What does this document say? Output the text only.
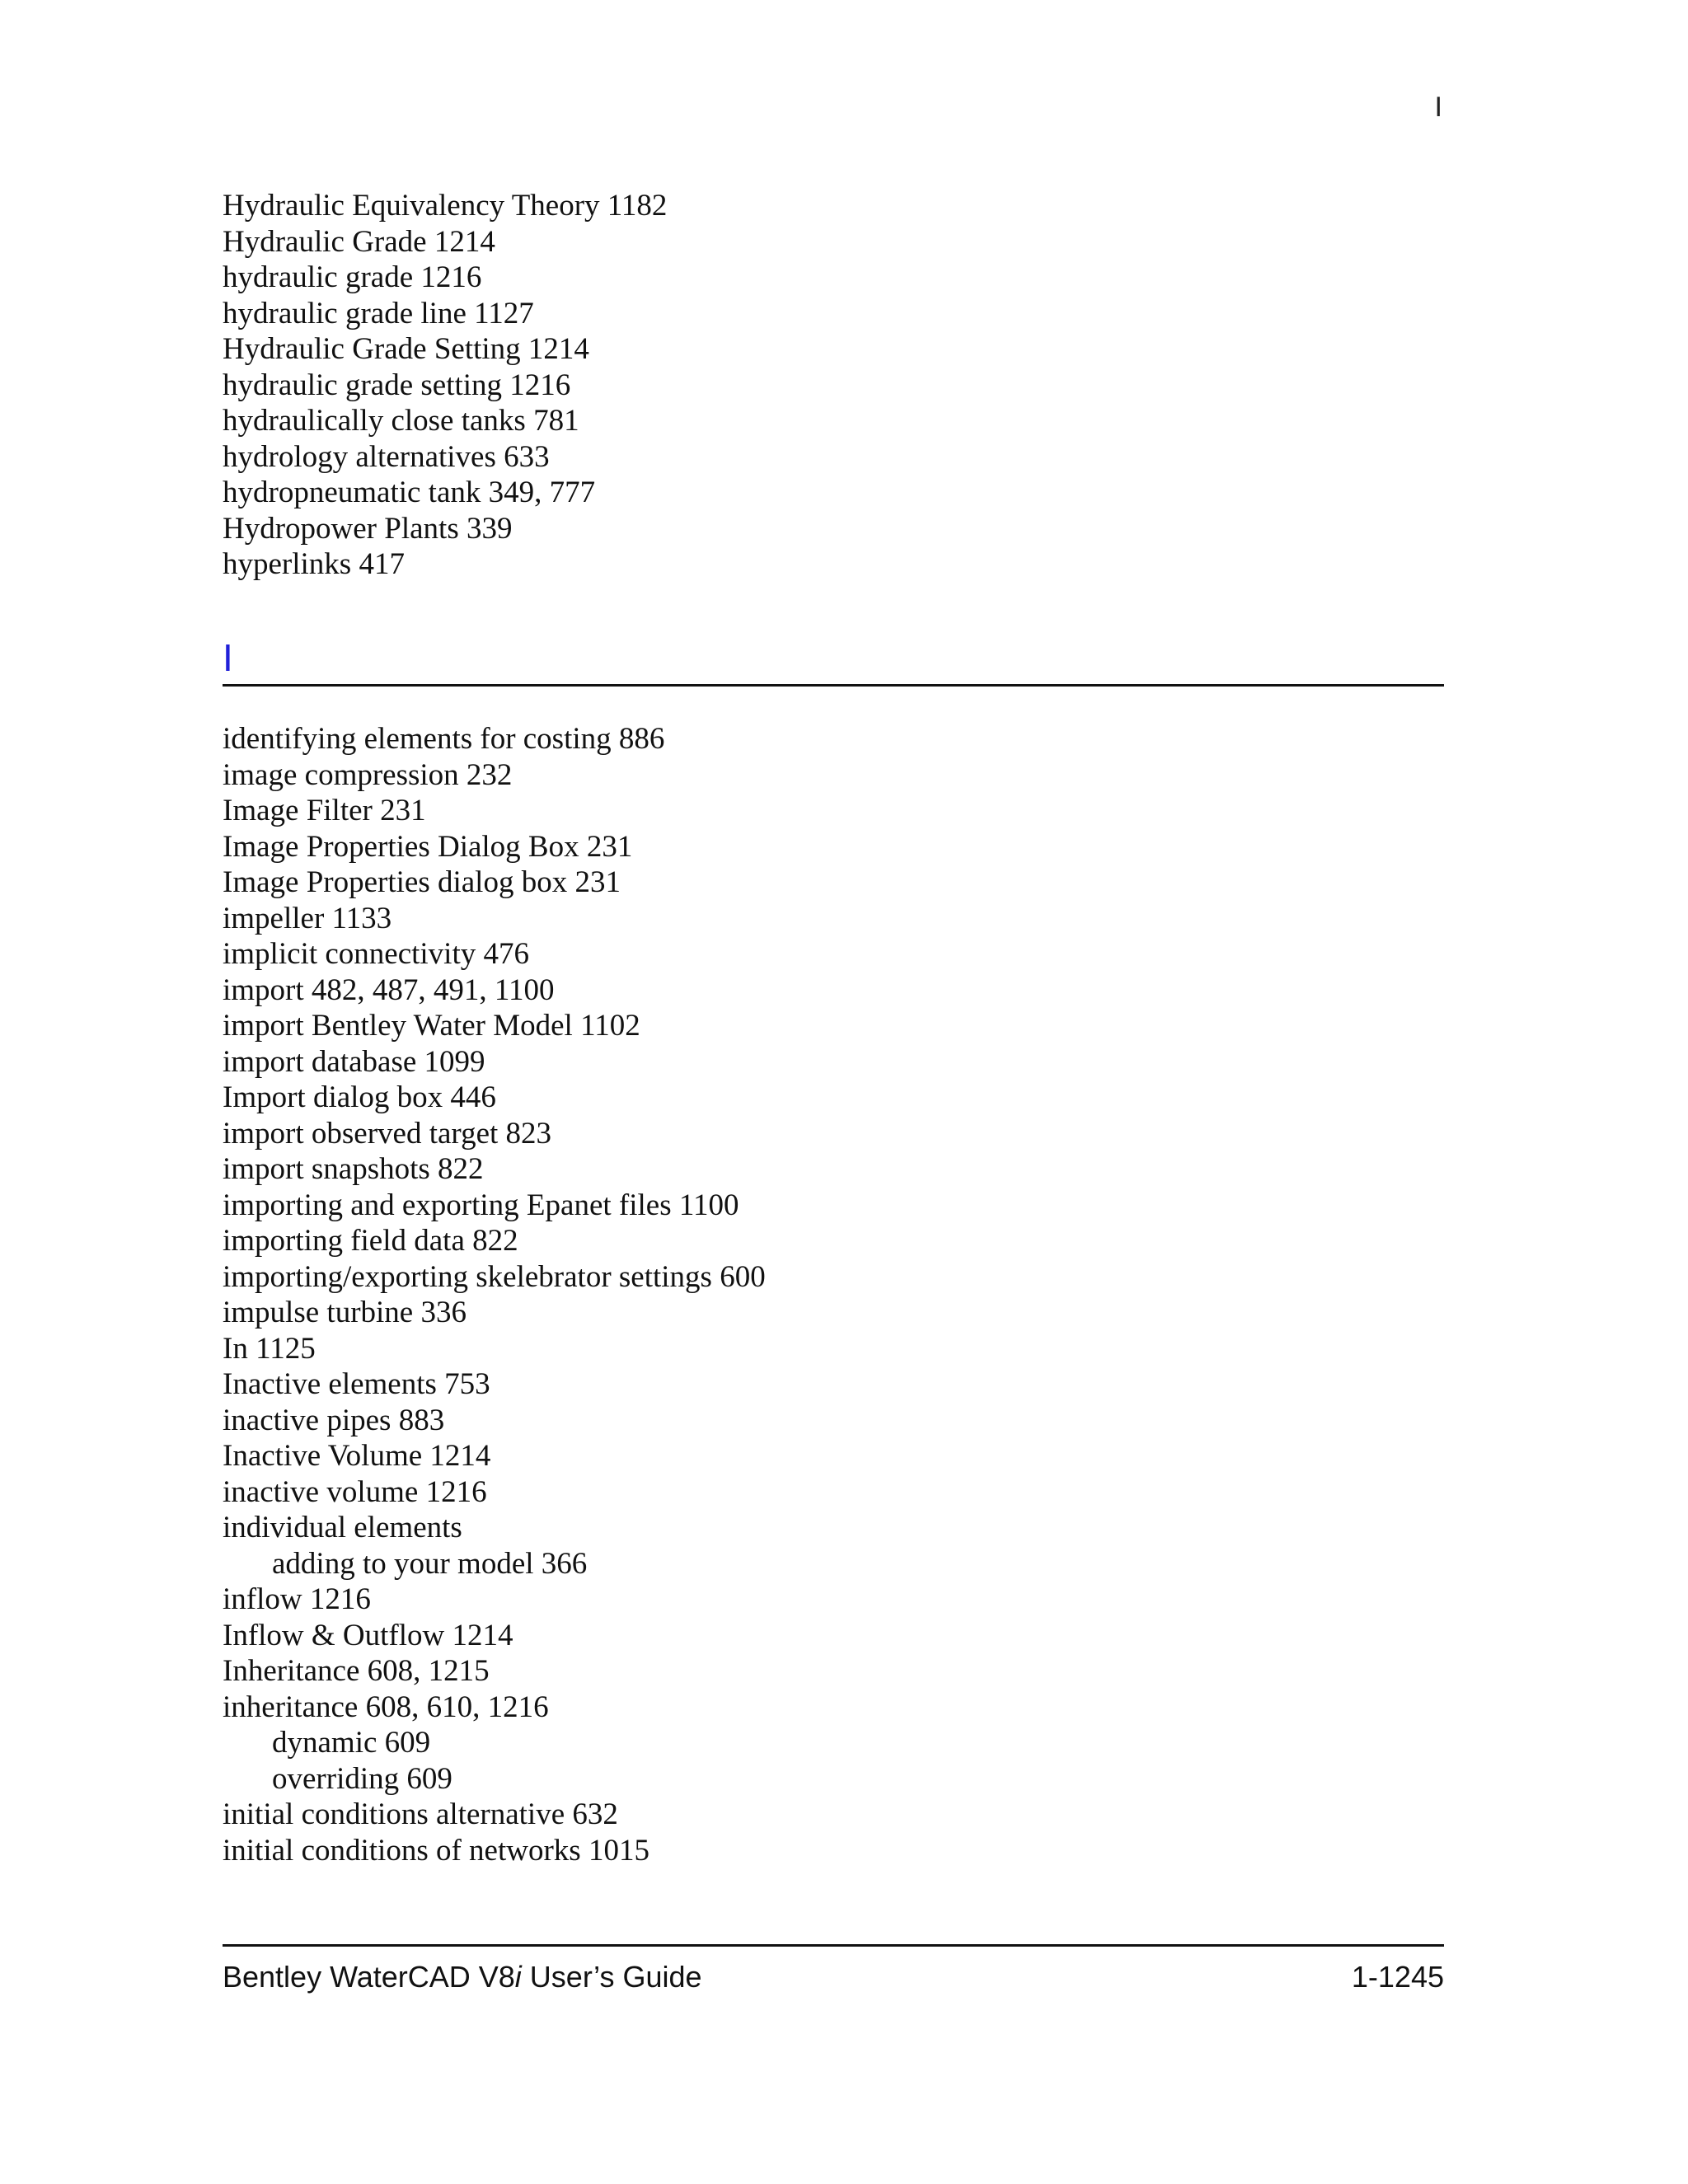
I
Hydraulic Equivalency Theory 1182
Hydraulic Grade 1214
hydraulic grade 1216
hydraulic grade line 1127
Hydraulic Grade Setting 1214
hydraulic grade setting 1216
hydraulically close tanks 781
hydrology alternatives 633
hydropneumatic tank 349, 777
Hydropower Plants 339
hyperlinks 417
I
identifying elements for costing 886
image compression 232
Image Filter 231
Image Properties Dialog Box 231
Image Properties dialog box 231
impeller 1133
implicit connectivity 476
import 482, 487, 491, 1100
import Bentley Water Model 1102
import database 1099
Import dialog box 446
import observed target 823
import snapshots 822
importing and exporting Epanet files 1100
importing field data 822
importing/exporting skelebrator settings 600
impulse turbine 336
In 1125
Inactive elements 753
inactive pipes 883
Inactive Volume 1214
inactive volume 1216
individual elements
adding to your model 366
inflow 1216
Inflow & Outflow 1214
Inheritance 608, 1215
inheritance 608, 610, 1216
dynamic 609
overriding 609
initial conditions alternative 632
initial conditions of networks 1015
Bentley WaterCAD V8i User’s Guide	1-1245
